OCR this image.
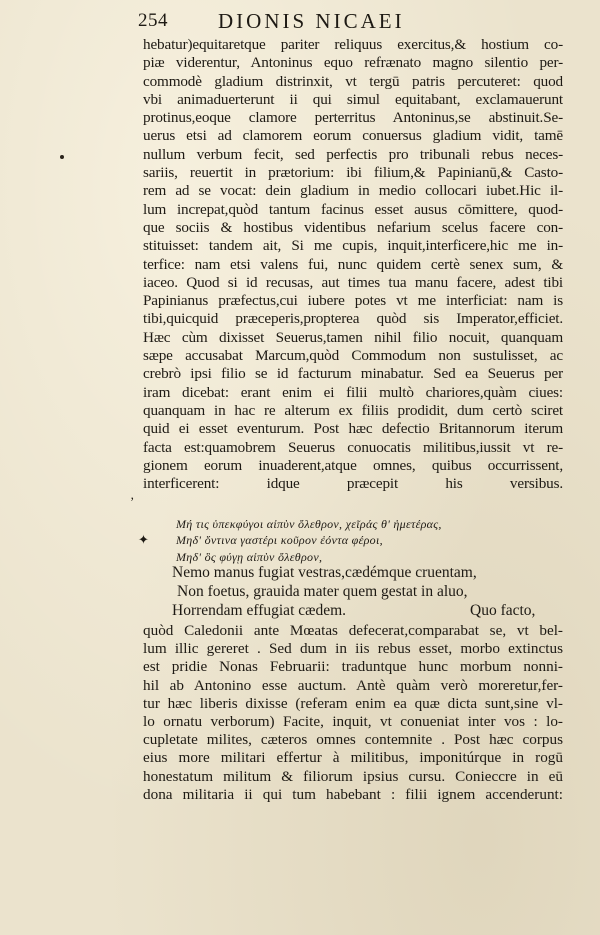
254 DIONIS NICAEI
hebatur)equitaretque pariter reliquus exercitus,& hostium co-
piæ viderentur, Antoninus equo refrænato magno silentio per-
commodè gladium distrinxit, vt tergū patris percuteret: quod
vbi animaduerterunt ii qui simul equitabant, exclamauerunt
protinus,eoque clamore perterritus Antoninus,se abstinuit.Se-
uerus etsi ad clamorem eorum conuersus gladium vidit, tamē
nullum verbum fecit, sed perfectis pro tribunali rebus neces-
sariis, reuertit in prætorium: ibi filium,& Papinianū,& Casto-
rem ad se vocat: dein gladium in medio collocari iubet.Hic il-
lum increpat,quòd tantum facinus esset ausus cōmittere, quod-
que sociis & hostibus videntibus nefarium scelus facere con-
stituisset: tandem ait, Si me cupis, inquit,interficere,hic me in-
terfice: nam etsi valens fui, nunc quidem certè senex sum, &
iaceo. Quod si id recusas, aut times tua manu facere, adest tibi
Papinianus præfectus,cui iubere potes vt me interficiat: nam is
tibi,quicquid præceperis,propterea quòd sis Imperator,efficiet.
Hæc cùm dixisset Seuerus,tamen nihil filio nocuit, quanquam
sæpe accusabat Marcum,quòd Commodum non sustulisset, ac
crebrò ipsi filio se id facturum minabatur. Sed ea Seuerus per
iram dicebat: erant enim ei filii multò chariores,quàm ciues:
quanquam in hac re alterum ex filiis prodidit, dum certò sciret
quid ei esset eventurum. Post hæc defectio Britannorum iterum
facta est:quamobrem Seuerus conuocatis militibus,iussit vt re-
gionem eorum inuaderent,atque omnes, quibus occurrissent,
interficerent: idque præcepit his versibus.
ʼ
Μή τις ὑπεκφύγοι αἰπὺν ὄλεθρον, χεῖράς θ' ἡμετέρας,
✦ Μηδ' ὅντινα γαστέρι κοῦρον ἐόντα φέροι,
Μηδ' ὃς φύγῃ αἰπὺν ὄλεθρον,
Nemo manus fugiat vestras,cædémque cruentam,
Non foetus, grauida mater quem gestat in aluo,
Horrendam effugiat cædem.	Quo facto,
quòd Caledonii ante Mœatas defecerat,comparabat se, vt bel-
lum illic gereret . Sed dum in iis rebus esset, morbo extinctus
est pridie Nonas Februarii: traduntque hunc morbum nonni-
hil ab Antonino esse auctum. Antè quàm verò moreretur,fer-
tur hæc liberis dixisse (referam enim ea quæ dicta sunt,sine vl-
lo ornatu verborum) Facite, inquit, vt conueniat inter vos : lo-
cupletate milites, cæteros omnes contemnite . Post hæc corpus
eius more militari effertur à militibus, imponitúrque in rogū
honestatum militum & filiorum ipsius cursu. Conieccre in eū
dona militaria ii qui tum habebant : filii ignem accenderunt:
